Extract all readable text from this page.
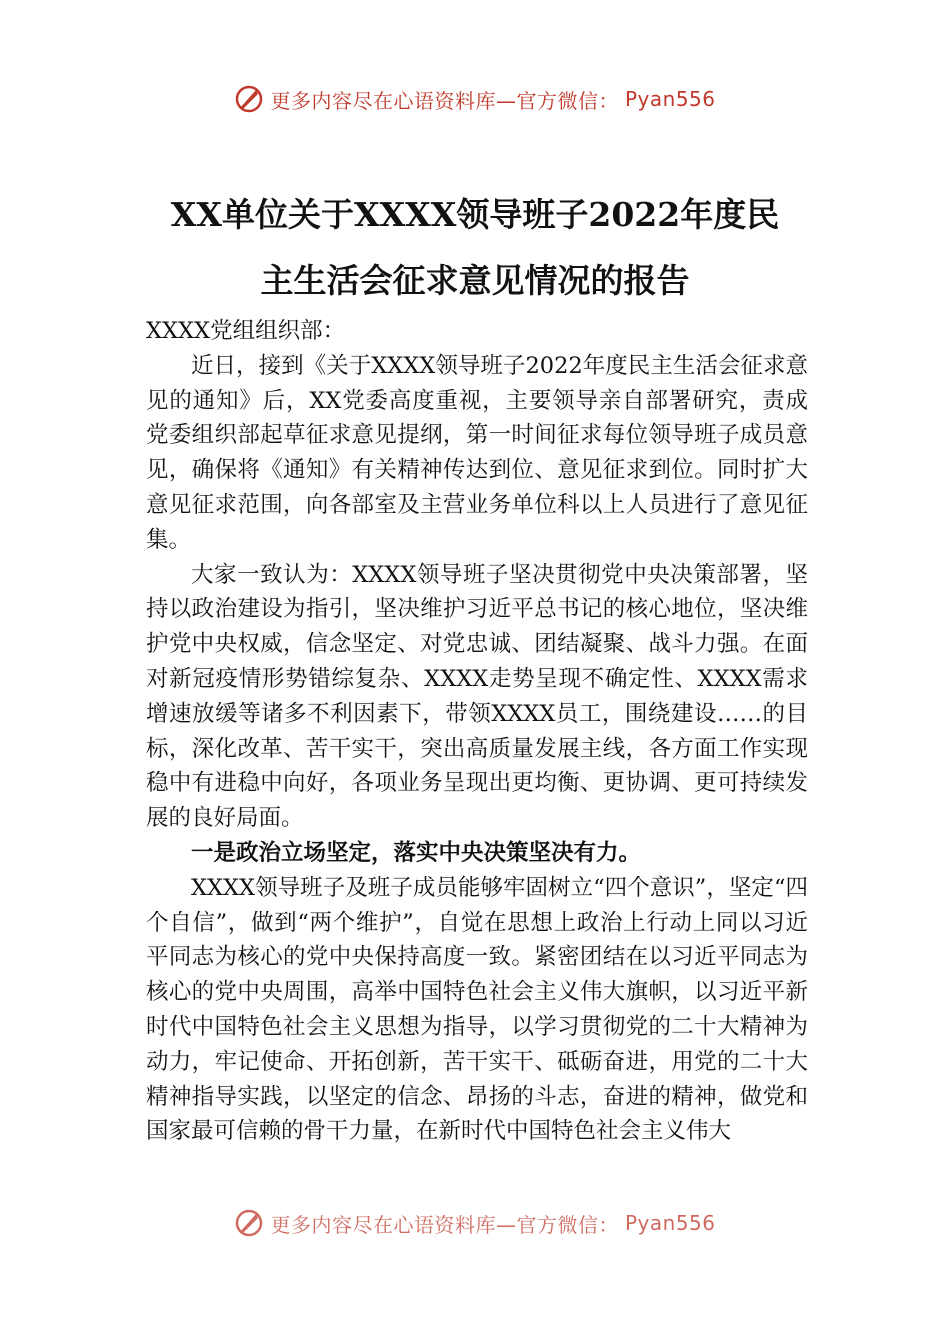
更多内容尽在心语资料库—官方微信： Pyan556
XX单位关于XXXX领导班子2022年度民
主生活会征求意见情况的报告

XXXX党组组织部：

近日，接到《关于XXXX领导班子2022年度民主生活会征求意见的通知》后，XX党委高度重视，主要领导亲自部署研究，责成党委组织部起草征求意见提纲，第一时间征求每位领导班子成员意见，确保将《通知》有关精神传达到位、意见征求到位。同时扩大意见征求范围，向各部室及主营业务单位科以上人员进行了意见征集。

大家一致认为：XXXX领导班子坚决贯彻党中央决策部署，坚持以政治建设为指引，坚决维护习近平总书记的核心地位，坚决维护党中央权威，信念坚定、对党忠诚、团结凝聚、战斗力强。在面对新冠疫情形势错综复杂、XXXX走势呈现不确定性、XXXX需求增速放缓等诸多不利因素下，带领XXXX员工，围绕建设……的目标，深化改革、苦干实干，突出高质量发展主线，各方面工作实现稳中有进稳中向好，各项业务呈现出更均衡、更协调、更可持续发展的良好局面。

一是政治立场坚定，落实中央决策坚决有力。

XXXX领导班子及班子成员能够牢固树立“四个意识”，坚定“四个自信”，做到“两个维护”，自觉在思想上政治上行动上同以习近平同志为核心的党中央保持高度一致。紧密团结在以习近平同志为核心的党中央周围，高举中国特色社会主义伟大旗帜，以习近平新时代中国特色社会主义思想为指导，以学习贯彻党的二十大精神为动力，牢记使命、开拓创新，苦干实干、砥砺奋进，用党的二十大精神指导实践，以坚定的信念、昂扬的斗志，奋进的精神，做党和国家最可信赖的骨干力量，在新时代中国特色社会主义伟大

更多内容尽在心语资料库—官方微信： Pyan556
